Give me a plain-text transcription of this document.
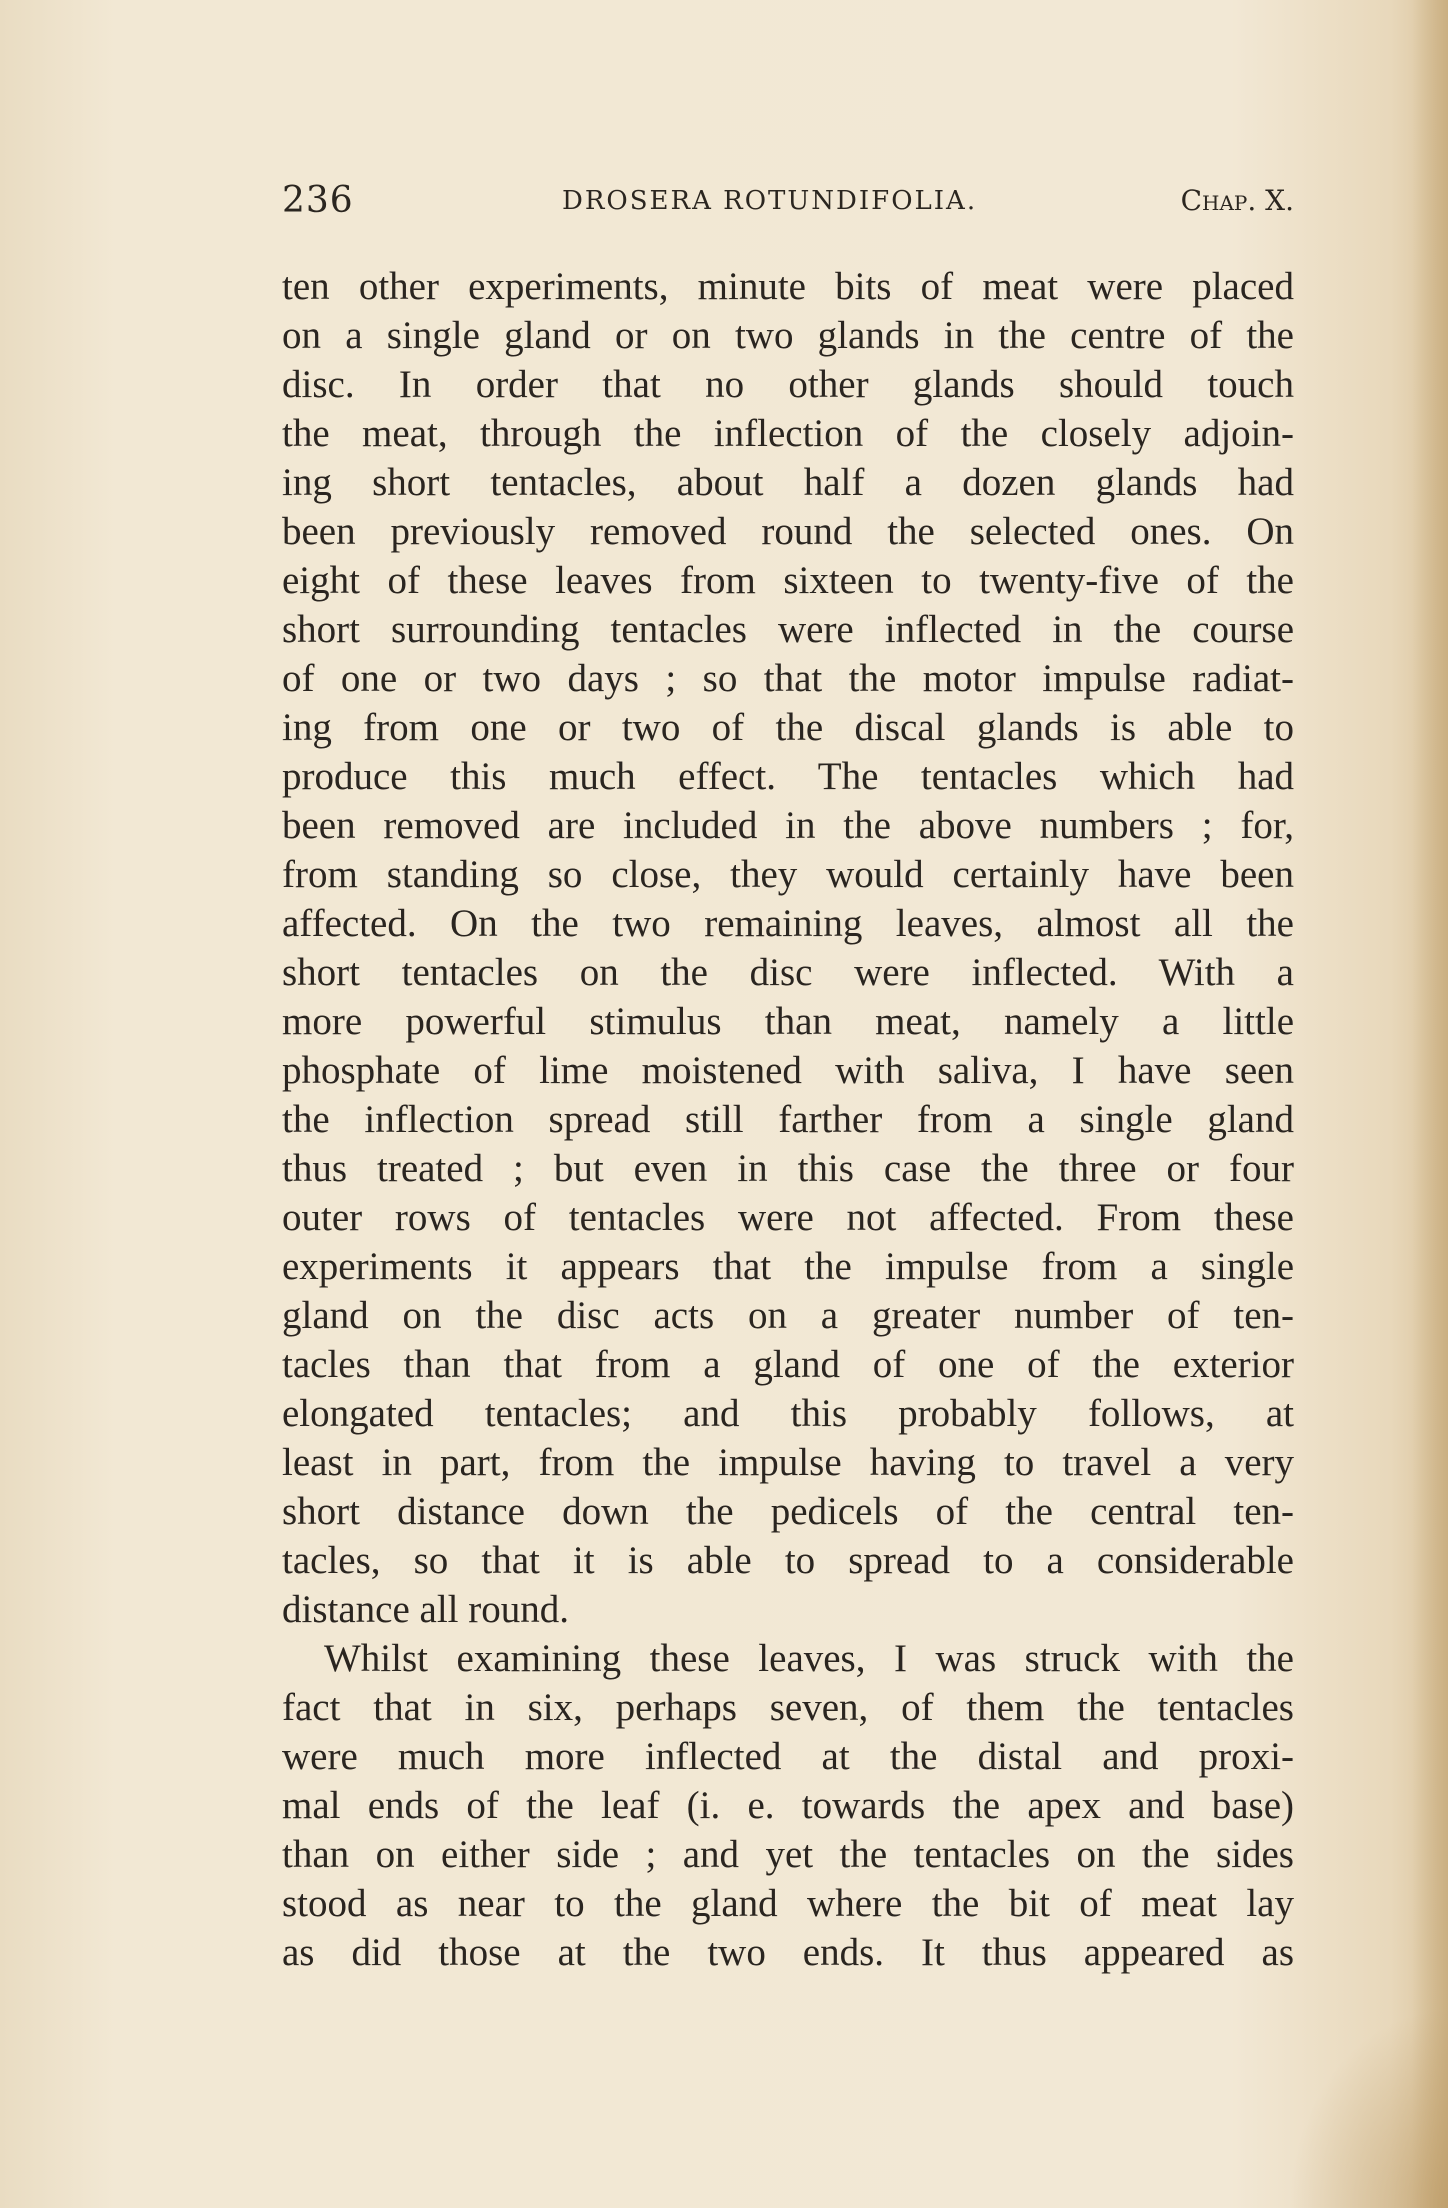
236	DROSERA ROTUNDIFOLIA.	Chap. X.
ten other experiments, minute bits of meat were placed
on a single gland or on two glands in the centre of the
disc. In order that no other glands should touch
the meat, through the inflection of the closely adjoin-
ing short tentacles, about half a dozen glands had
been previously removed round the selected ones. On
eight of these leaves from sixteen to twenty-five of the
short surrounding tentacles were inflected in the course
of one or two days ; so that the motor impulse radiat-
ing from one or two of the discal glands is able to
produce this much effect. The tentacles which had
been removed are included in the above numbers ; for,
from standing so close, they would certainly have been
affected. On the two remaining leaves, almost all the
short tentacles on the disc were inflected. With a
more powerful stimulus than meat, namely a little
phosphate of lime moistened with saliva, I have seen
the inflection spread still farther from a single gland
thus treated ; but even in this case the three or four
outer rows of tentacles were not affected. From these
experiments it appears that the impulse from a single
gland on the disc acts on a greater number of ten-
tacles than that from a gland of one of the exterior
elongated tentacles; and this probably follows, at
least in part, from the impulse having to travel a very
short distance down the pedicels of the central ten-
tacles, so that it is able to spread to a considerable
distance all round.
Whilst examining these leaves, I was struck with the
fact that in six, perhaps seven, of them the tentacles
were much more inflected at the distal and proxi-
mal ends of the leaf (i. e. towards the apex and base)
than on either side ; and yet the tentacles on the sides
stood as near to the gland where the bit of meat lay
as did those at the two ends. It thus appeared as
